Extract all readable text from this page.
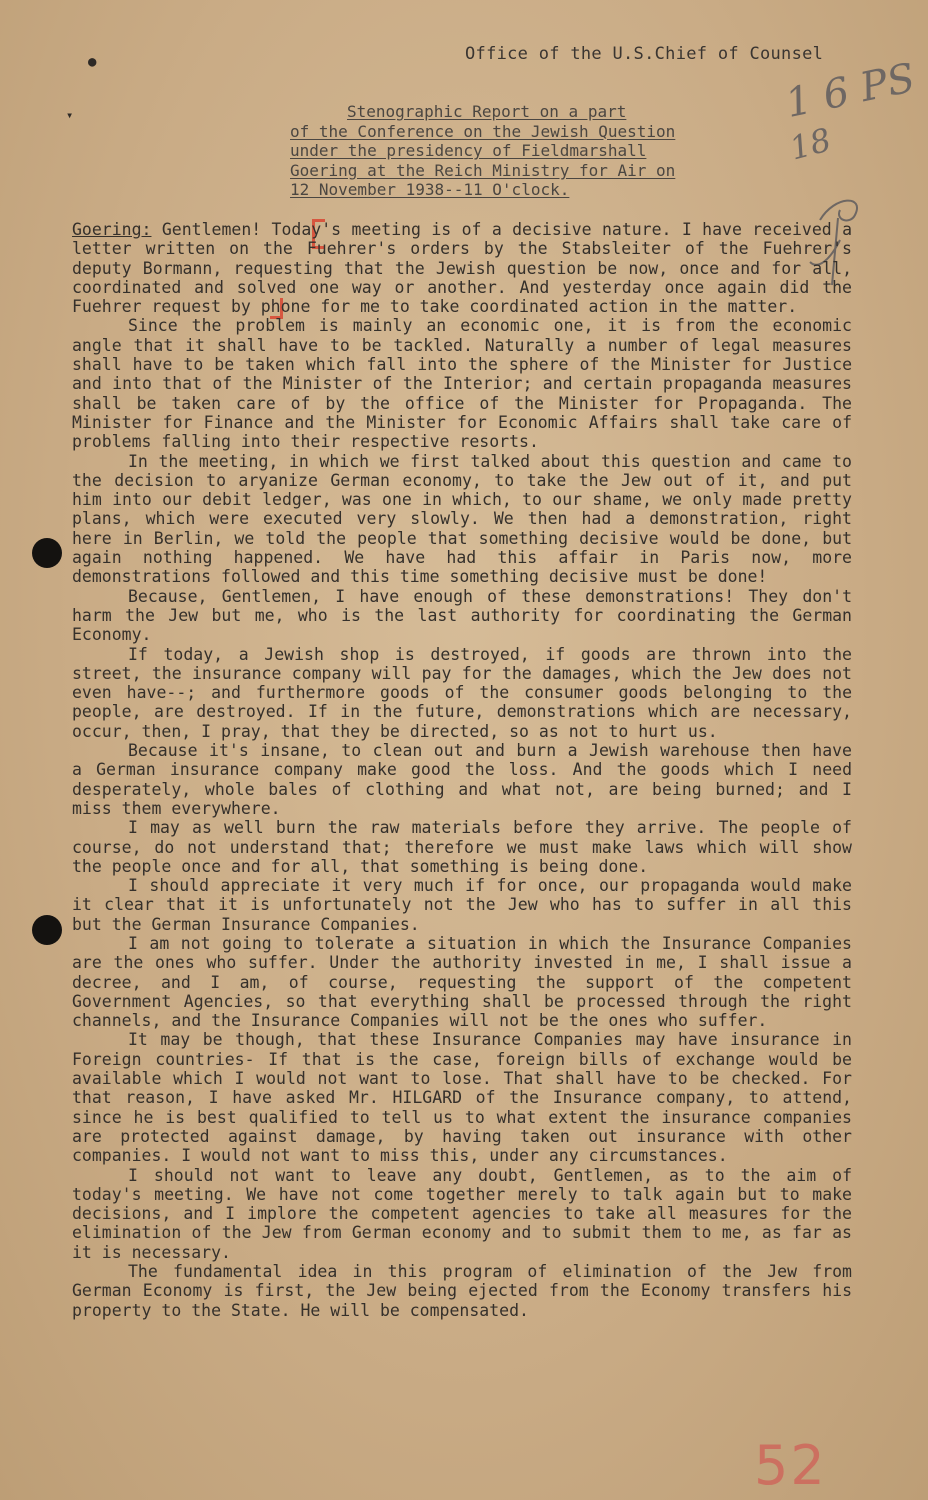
●
▾
Office of the U.S.Chief of Counsel
1 6 PS
18
Stenographic Report on a part
of the Conference on the Jewish Question
under the presidency of Fieldmarshall
Goering at the Reich Ministry for Air on
12 November 1938--11 O'clock.

Goering: Gentlemen! Today's meeting is of a decisive nature. I have received a letter written on the Fuehrer's orders by the Stabsleiter of the Fuehrer's deputy Bormann, requesting that the Jewish question be now, once and for all, coordinated and solved one way or another. And yesterday once again did the Fuehrer request by phone for me to take coordinated action in the matter.

Since the problem is mainly an economic one, it is from the economic angle that it shall have to be tackled. Naturally a number of legal measures shall have to be taken which fall into the sphere of the Minister for Justice and into that of the Minister of the Interior; and certain propaganda measures shall be taken care of by the office of the Minister for Propaganda. The Minister for Finance and the Minister for Economic Affairs shall take care of problems falling into their respective resorts.

In the meeting, in which we first talked about this question and came to the decision to aryanize German economy, to take the Jew out of it, and put him into our debit ledger, was one in which, to our shame, we only made pretty plans, which were executed very slowly. We then had a demonstration, right here in Berlin, we told the people that something decisive would be done, but again nothing happened. We have had this affair in Paris now, more demonstrations followed and this time something decisive must be done!

Because, Gentlemen, I have enough of these demonstrations! They don't harm the Jew but me, who is the last authority for coordinating the German Economy.

If today, a Jewish shop is destroyed, if goods are thrown into the street, the insurance company will pay for the damages, which the Jew does not even have--; and furthermore goods of the consumer goods belonging to the people, are destroyed. If in the future, demonstrations which are necessary, occur, then, I pray, that they be directed, so as not to hurt us.

Because it's insane, to clean out and burn a Jewish warehouse then have a German insurance company make good the loss. And the goods which I need desperately, whole bales of clothing and what not, are being burned; and I miss them everywhere.

I may as well burn the raw materials before they arrive. The people of course, do not understand that; therefore we must make laws which will show the people once and for all, that something is being done.

I should appreciate it very much if for once, our propaganda would make it clear that it is unfortunately not the Jew who has to suffer in all this but the German Insurance Companies.

I am not going to tolerate a situation in which the Insurance Companies are the ones who suffer. Under the authority invested in me, I shall issue a decree, and I am, of course, requesting the support of the competent Government Agencies, so that everything shall be processed through the right channels, and the Insurance Companies will not be the ones who suffer.

It may be though, that these Insurance Companies may have insurance in Foreign countries- If that is the case, foreign bills of exchange would be available which I would not want to lose. That shall have to be checked. For that reason, I have asked Mr. HILGARD of the Insurance company, to attend, since he is best qualified to tell us to what extent the insurance companies are protected against damage, by having taken out insurance with other companies. I would not want to miss this, under any circumstances.

I should not want to leave any doubt, Gentlemen, as to the aim of today's meeting. We have not come together merely to talk again but to make decisions, and I implore the competent agencies to take all measures for the elimination of the Jew from German economy and to submit them to me, as far as it is necessary.

The fundamental idea in this program of elimination of the Jew from German Economy is first, the Jew being ejected from the Economy transfers his property to the State. He will be compensated.

52
